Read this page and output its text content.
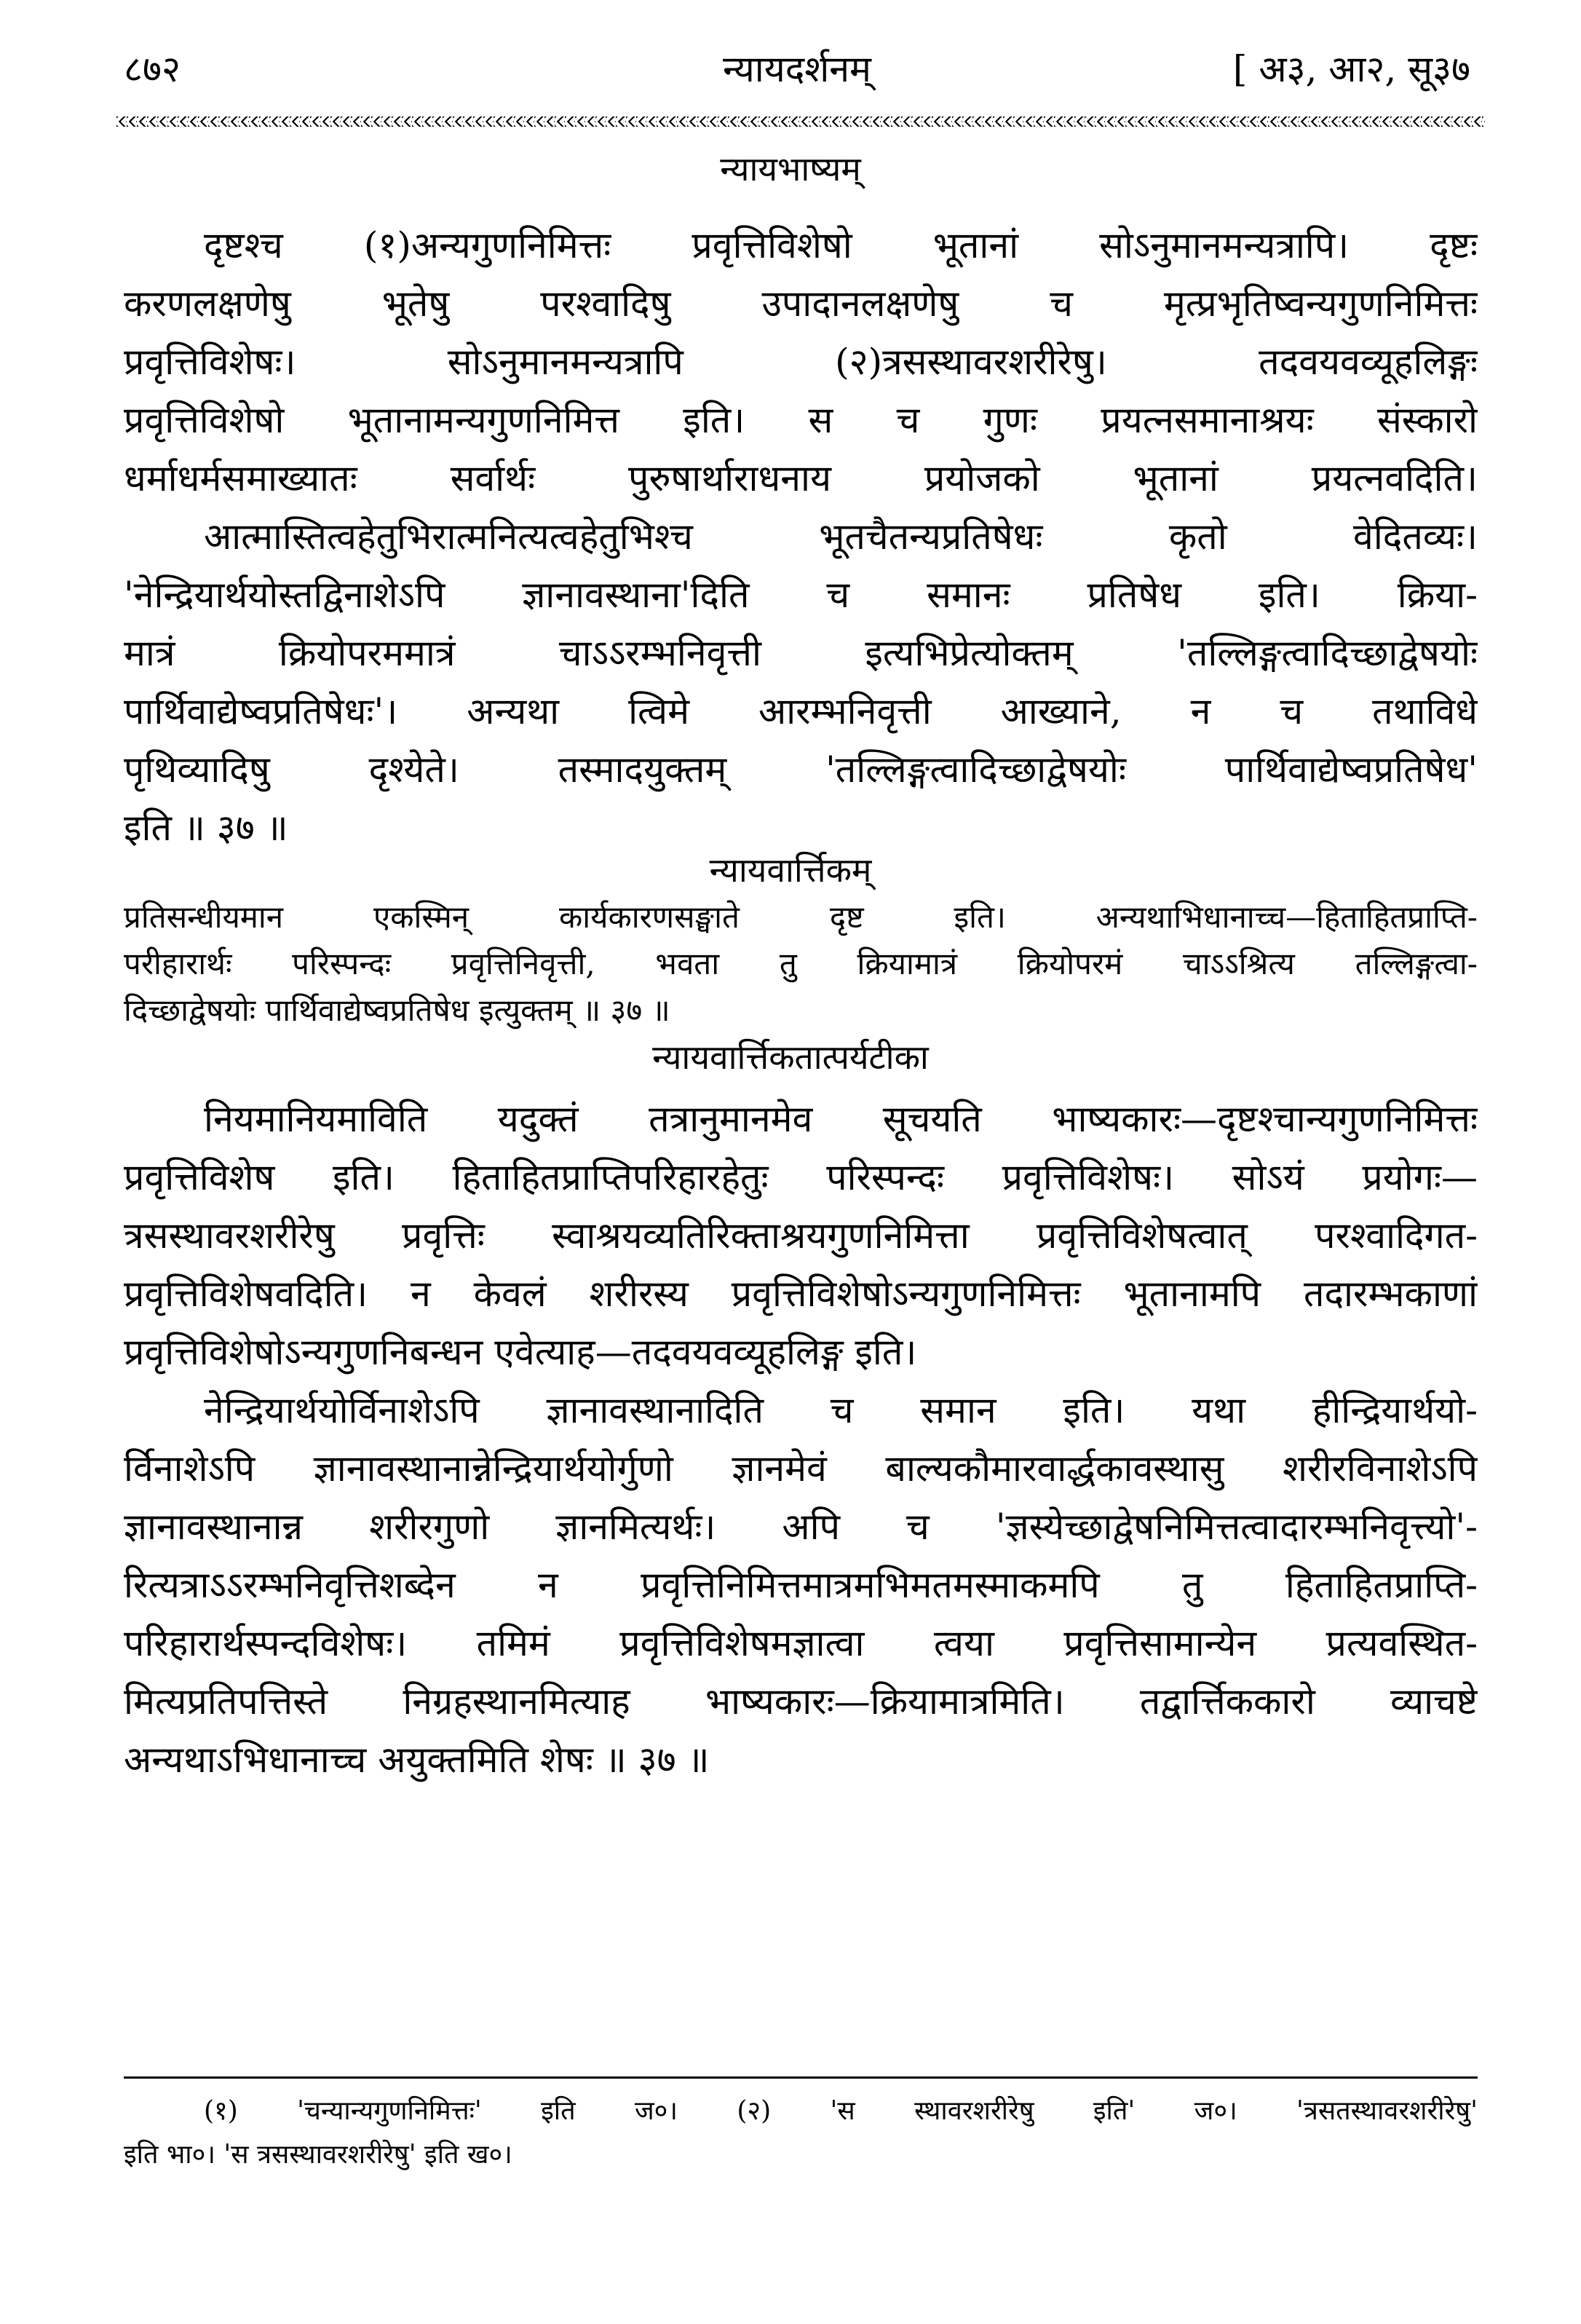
८७२	न्यायदर्शनम्	[ अ३, आ२, सू३७
न्यायभाष्यम्
दृष्टश्च (१)अन्यगुणनिमित्तः प्रवृत्तिविशेषो भूतानां सोऽनुमानमन्यत्रापि। दृष्टः
करणलक्षणेषु भूतेषु परश्वादिषु उपादानलक्षणेषु च मृत्प्रभृतिष्वन्यगुणनिमित्तः
प्रवृत्तिविशेषः। सोऽनुमानमन्यत्रापि (२)त्रसस्थावरशरीरेषु। तदवयवव्यूहलिङ्गः
प्रवृत्तिविशेषो भूतानामन्यगुणनिमित्त इति। स च गुणः प्रयत्नसमानाश्रयः संस्कारो
धर्माधर्मसमाख्यातः सर्वार्थः पुरुषार्थाराधनाय प्रयोजको भूतानां प्रयत्नवदिति।
आत्मास्तित्वहेतुभिरात्मनित्यत्वहेतुभिश्च भूतचैतन्यप्रतिषेधः कृतो वेदितव्यः।
'नेन्द्रियार्थयोस्तद्विनाशेऽपि ज्ञानावस्थाना'दिति च समानः प्रतिषेध इति। क्रिया-
मात्रं क्रियोपरममात्रं चाऽऽरम्भनिवृत्ती इत्यभिप्रेत्योक्तम् 'तल्लिङ्गत्वादिच्छाद्वेषयोः
पार्थिवाद्येष्वप्रतिषेधः'। अन्यथा त्विमे आरम्भनिवृत्ती आख्याने, न च तथाविधे
पृथिव्यादिषु दृश्येते। तस्मादयुक्तम् 'तल्लिङ्गत्वादिच्छाद्वेषयोः पार्थिवाद्येष्वप्रतिषेध'
इति ॥ ३७ ॥
न्यायवार्त्तिकम्
प्रतिसन्धीयमान एकस्मिन् कार्यकारणसङ्घाते दृष्ट इति। अन्यथाभिधानाच्च—हिताहितप्राप्ति-
परीहारार्थः परिस्पन्दः प्रवृत्तिनिवृत्ती, भवता तु क्रियामात्रं क्रियोपरमं चाऽऽश्रित्य तल्लिङ्गत्वा-
दिच्छाद्वेषयोः पार्थिवाद्येष्वप्रतिषेध इत्युक्तम् ॥ ३७ ॥
न्यायवार्त्तिकतात्पर्यटीका
नियमानियमाविति यदुक्तं तत्रानुमानमेव सूचयति भाष्यकारः—दृष्टश्चान्यगुणनिमित्तः
प्रवृत्तिविशेष इति। हिताहितप्राप्तिपरिहारहेतुः परिस्पन्दः प्रवृत्तिविशेषः। सोऽयं प्रयोगः—
त्रसस्थावरशरीरेषु प्रवृत्तिः स्वाश्रयव्यतिरिक्ताश्रयगुणनिमित्ता प्रवृत्तिविशेषत्वात् परश्वादिगत-
प्रवृत्तिविशेषवदिति। न केवलं शरीरस्य प्रवृत्तिविशेषोऽन्यगुणनिमित्तः भूतानामपि तदारम्भकाणां
प्रवृत्तिविशेषोऽन्यगुणनिबन्धन एवेत्याह—तदवयवव्यूहलिङ्ग इति।
नेन्द्रियार्थयोर्विनाशेऽपि ज्ञानावस्थानादिति च समान इति। यथा हीन्द्रियार्थयो-
र्विनाशेऽपि ज्ञानावस्थानान्नेन्द्रियार्थयोर्गुणो ज्ञानमेवं बाल्यकौमारवार्द्धकावस्थासु शरीरविनाशेऽपि
ज्ञानावस्थानान्न शरीरगुणो ज्ञानमित्यर्थः। अपि च 'ज्ञस्येच्छाद्वेषनिमित्तत्वादारम्भनिवृत्त्यो'-
रित्यत्राऽऽरम्भनिवृत्तिशब्देन न प्रवृत्तिनिमित्तमात्रमभिमतमस्माकमपि तु हिताहितप्राप्ति-
परिहारार्थस्पन्दविशेषः। तमिमं प्रवृत्तिविशेषमज्ञात्वा त्वया प्रवृत्तिसामान्येन प्रत्यवस्थित-
मित्यप्रतिपत्तिस्ते निग्रहस्थानमित्याह भाष्यकारः—क्रियामात्रमिति। तद्वार्त्तिककारो व्याचष्टे
अन्यथाऽभिधानाच्च अयुक्तमिति शेषः ॥ ३७ ॥
(१) 'चन्यान्यगुणनिमित्तः' इति ज०। (२) 'स स्थावरशरीरेषु इति' ज०। 'त्रसतस्थावरशरीरेषु'
इति भा०। 'स त्रसस्थावरशरीरेषु' इति ख०।
